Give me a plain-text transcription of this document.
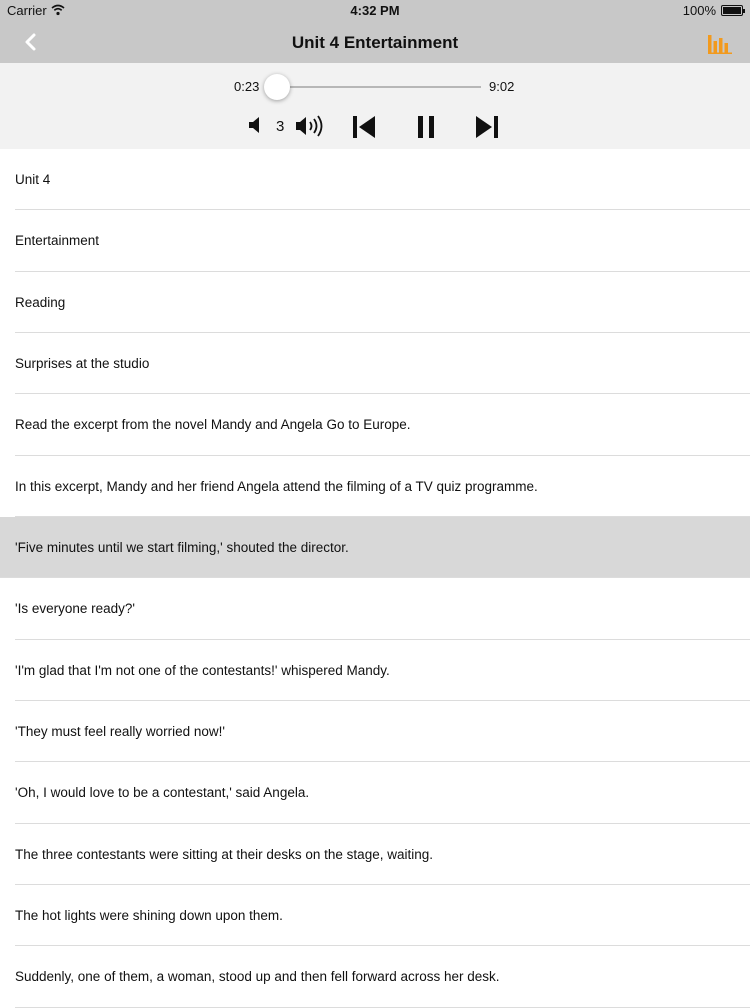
Carrier	4:32 PM	100%
Unit 4 Entertainment
0:23	9:02
3
Unit 4
Entertainment
Reading
Surprises at the studio
Read the excerpt from the novel Mandy and Angela Go to Europe.
In this excerpt, Mandy and her friend Angela attend the filming of a TV quiz programme.
'Five minutes until we start filming,' shouted the director.
'Is everyone ready?'
'I'm glad that I'm not one of the contestants!' whispered Mandy.
'They must feel really worried now!'
'Oh, I would love to be a contestant,' said Angela.
The three contestants were sitting at their desks on the stage, waiting.
The hot lights were shining down upon them.
Suddenly, one of them, a woman, stood up and then fell forward across her desk.
